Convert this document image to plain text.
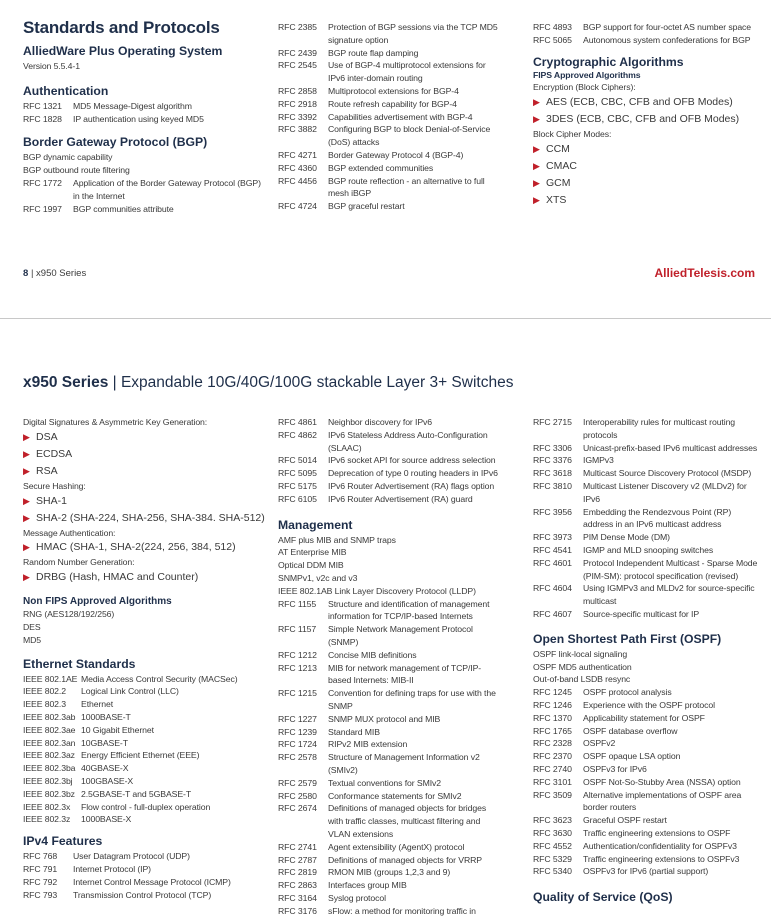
Standards and Protocols
AlliedWare Plus Operating System
Version 5.5.4-1
Authentication
RFC 1321	MD5 Message-Digest algorithm
RFC 1828	IP authentication using keyed MD5
Border Gateway Protocol (BGP)
BGP dynamic capability
BGP outbound route filtering
RFC 1772	Application of the Border Gateway Protocol (BGP) in the Internet
RFC 1997	BGP communities attribute
RFC 2385	Protection of BGP sessions via the TCP MD5 signature option
RFC 2439	BGP route flap damping
RFC 2545	Use of BGP-4 multiprotocol extensions for IPv6 inter-domain routing
RFC 2858	Multiprotocol extensions for BGP-4
RFC 2918	Route refresh capability for BGP-4
RFC 3392	Capabilities advertisement with BGP-4
RFC 3882	Configuring BGP to block Denial-of-Service (DoS) attacks
RFC 4271	Border Gateway Protocol 4 (BGP-4)
RFC 4360	BGP extended communities
RFC 4456	BGP route reflection - an alternative to full mesh iBGP
RFC 4724	BGP graceful restart
RFC 4893	BGP support for four-octet AS number space
RFC 5065	Autonomous system confederations for BGP
Cryptographic Algorithms
FIPS Approved Algorithms
Encryption (Block Ciphers):
▶ AES (ECB, CBC, CFB and OFB Modes)
▶ 3DES (ECB, CBC, CFB and OFB Modes)
Block Cipher Modes:
▶ CCM
▶ CMAC
▶ GCM
▶ XTS
8 | x950 Series	AlliedTelesis.com
x950 Series | Expandable 10G/40G/100G stackable Layer 3+ Switches
Digital Signatures & Asymmetric Key Generation:
▶ DSA
▶ ECDSA
▶ RSA
Secure Hashing:
▶ SHA-1
▶ SHA-2 (SHA-224, SHA-256, SHA-384. SHA-512)
Message Authentication:
▶ HMAC (SHA-1, SHA-2(224, 256, 384, 512)
Random Number Generation:
▶ DRBG (Hash, HMAC and Counter)
Non FIPS Approved Algorithms
RNG (AES128/192/256)
DES
MD5
Ethernet Standards
IEEE 802.1AE Media Access Control Security (MACSec)
IEEE 802.2	Logical Link Control (LLC)
IEEE 802.3	Ethernet
IEEE 802.3ab 1000BASE-T
IEEE 802.3ae 10 Gigabit Ethernet
IEEE 802.3an 10GBASE-T
IEEE 802.3az Energy Efficient Ethernet (EEE)
IEEE 802.3ba 40GBASE-X
IEEE 802.3bj 100GBASE-X
IEEE 802.3bz 2.5GBASE-T and 5GBASE-T
IEEE 802.3x	Flow control - full-duplex operation
IEEE 802.3z	1000BASE-X
IPv4 Features
RFC 768	User Datagram Protocol (UDP)
RFC 791	Internet Protocol (IP)
RFC 792	Internet Control Message Protocol (ICMP)
RFC 793	Transmission Control Protocol (TCP)
RFC 4861	Neighbor discovery for IPv6
RFC 4862	IPv6 Stateless Address Auto-Configuration (SLAAC)
RFC 5014	IPv6 socket API for source address selection
RFC 5095	Deprecation of type 0 routing headers in IPv6
RFC 5175	IPv6 Router Advertisement (RA) flags option
RFC 6105	IPv6 Router Advertisement (RA) guard
Management
AMF plus MIB and SNMP traps
AT Enterprise MIB
Optical DDM MIB
SNMPv1, v2c and v3
IEEE 802.1AB Link Layer Discovery Protocol (LLDP)
RFC 1155	Structure and identification of management information for TCP/IP-based Internets
RFC 1157	Simple Network Management Protocol (SNMP)
RFC 1212	Concise MIB definitions
RFC 1213	MIB for network management of TCP/IP-based Internets: MIB-II
RFC 1215	Convention for defining traps for use with the SNMP
RFC 1227	SNMP MUX protocol and MIB
RFC 1239	Standard MIB
RFC 1724	RIPv2 MIB extension
RFC 2578	Structure of Management Information v2 (SMIv2)
RFC 2579	Textual conventions for SMIv2
RFC 2580	Conformance statements for SMIv2
RFC 2674	Definitions of managed objects for bridges with traffic classes, multicast filtering and VLAN extensions
RFC 2741	Agent extensibility (AgentX) protocol
RFC 2787	Definitions of managed objects for VRRP
RFC 2819	RMON MIB (groups 1,2,3 and 9)
RFC 2863	Interfaces group MIB
RFC 3164	Syslog protocol
RFC 3176	sFlow: a method for monitoring traffic in
RFC 2715	Interoperability rules for multicast routing protocols
RFC 3306	Unicast-prefix-based IPv6 multicast addresses
RFC 3376	IGMPv3
RFC 3618	Multicast Source Discovery Protocol (MSDP)
RFC 3810	Multicast Listener Discovery v2 (MLDv2) for IPv6
RFC 3956	Embedding the Rendezvous Point (RP) address in an IPv6 multicast address
RFC 3973	PIM Dense Mode (DM)
RFC 4541	IGMP and MLD snooping switches
RFC 4601	Protocol Independent Multicast - Sparse Mode (PIM-SM): protocol specification (revised)
RFC 4604	Using IGMPv3 and MLDv2 for source-specific multicast
RFC 4607	Source-specific multicast for IP
Open Shortest Path First (OSPF)
OSPF link-local signaling
OSPF MD5 authentication
Out-of-band LSDB resync
RFC 1245	OSPF protocol analysis
RFC 1246	Experience with the OSPF protocol
RFC 1370	Applicability statement for OSPF
RFC 1765	OSPF database overflow
RFC 2328	OSPFv2
RFC 2370	OSPF opaque LSA option
RFC 2740	OSPFv3 for IPv6
RFC 3101	OSPF Not-So-Stubby Area (NSSA) option
RFC 3509	Alternative implementations of OSPF area border routers
RFC 3623	Graceful OSPF restart
RFC 3630	Traffic engineering extensions to OSPF
RFC 4552	Authentication/confidentiality for OSPFv3
RFC 5329	Traffic engineering extensions to OSPFv3
RFC 5340	OSPFv3 for IPv6 (partial support)
Quality of Service (QoS)
